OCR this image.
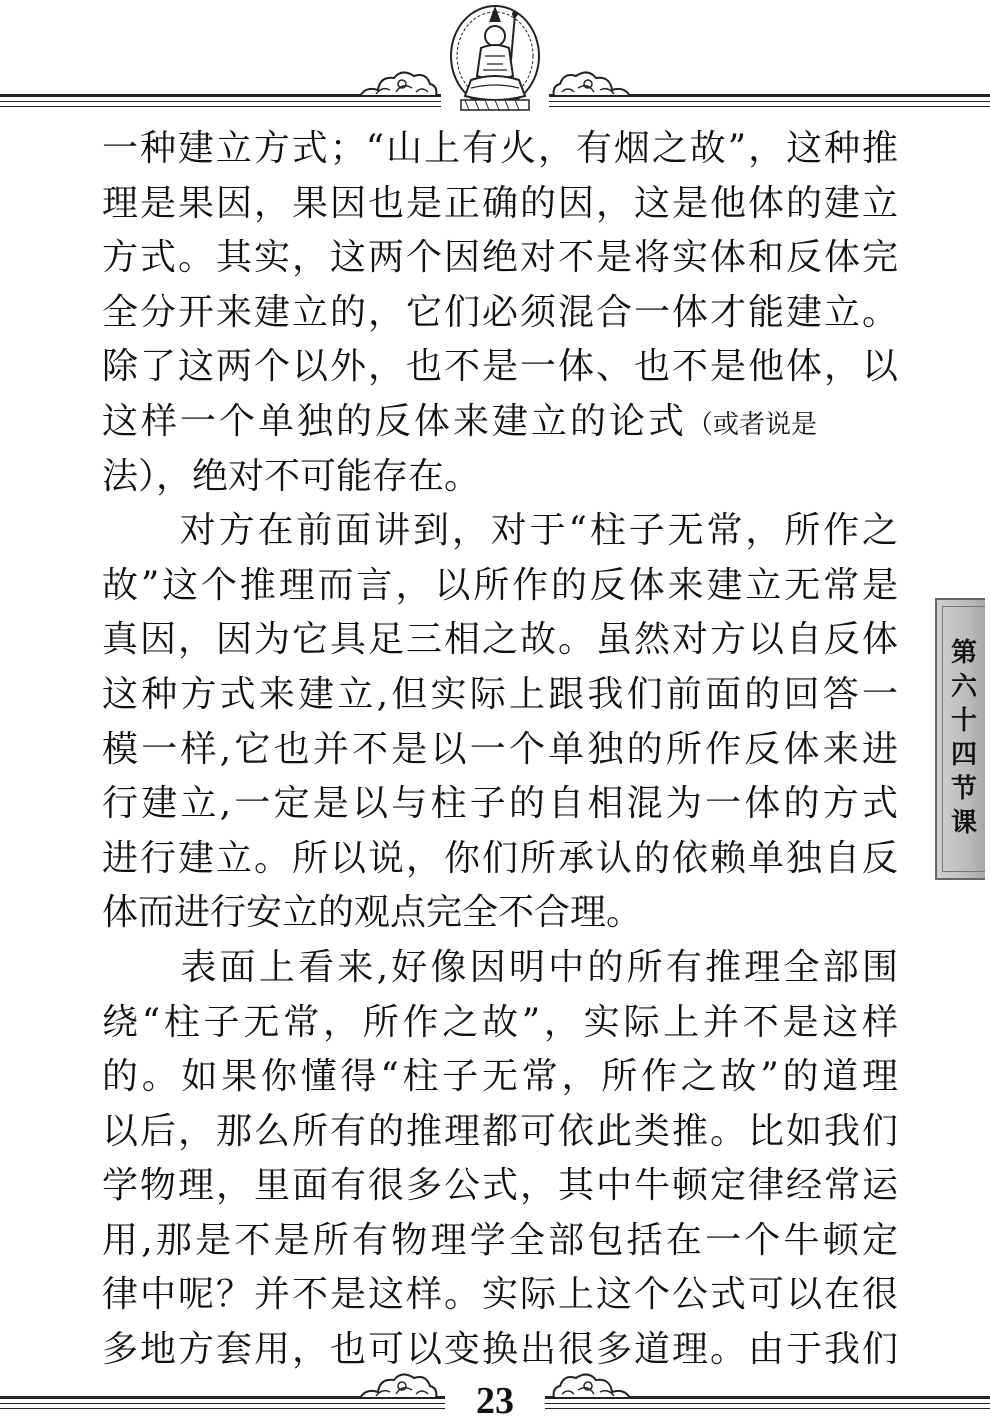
一种建立方式；“山上有火，有烟之故”，这种推
理是果因，果因也是正确的因，这是他体的建立
方式。其实，这两个因绝对不是将实体和反体完
全分开来建立的，它们必须混合一体才能建立。
除了这两个以外，也不是一体、也不是他体，以
这样一个单独的反体来建立的论式（或者说是
法），绝对不可能存在。
　　对方在前面讲到，对于“柱子无常，所作之
故”这个推理而言，以所作的反体来建立无常是
真因，因为它具足三相之故。虽然对方以自反体
这种方式来建立,但实际上跟我们前面的回答一
模一样,它也并不是以一个单独的所作反体来进
行建立,一定是以与柱子的自相混为一体的方式
进行建立。所以说，你们所承认的依赖单独自反
体而进行安立的观点完全不合理。
　　表面上看来,好像因明中的所有推理全部围
绕“柱子无常，所作之故”，实际上并不是这样
的。如果你懂得“柱子无常，所作之故”的道理
以后，那么所有的推理都可依此类推。比如我们
学物理，里面有很多公式，其中牛顿定律经常运
用,那是不是所有物理学全部包括在一个牛顿定
律中呢？并不是这样。实际上这个公式可以在很
多地方套用，也可以变换出很多道理。由于我们
第六十四节课
23
